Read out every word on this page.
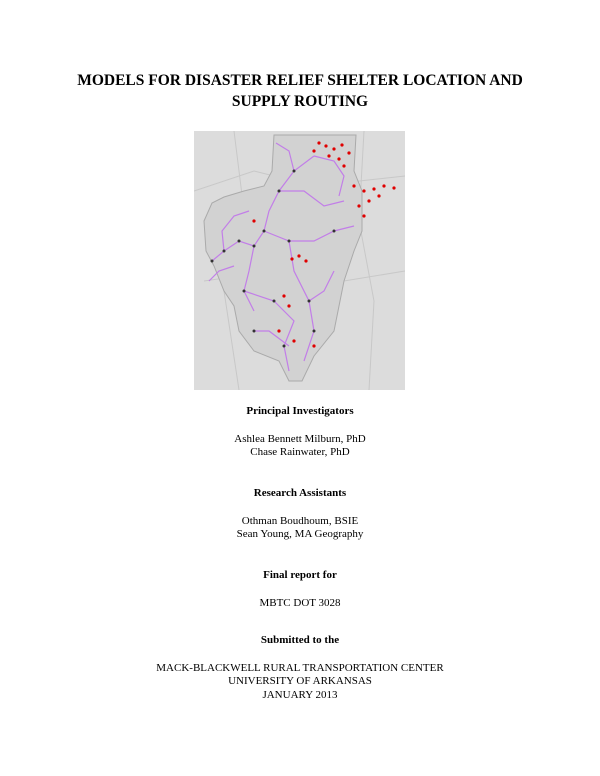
MODELS FOR DISASTER RELIEF SHELTER LOCATION AND
SUPPLY ROUTING
Principal Investigators
Ashlea Bennett Milburn, PhD
Chase Rainwater, PhD
Research Assistants
Othman Boudhoum, BSIE
Sean Young, MA Geography
Final report for
MBTC DOT 3028
Submitted to the
MACK-BLACKWELL RURAL TRANSPORTATION CENTER
UNIVERSITY OF ARKANSAS
JANUARY 2013
